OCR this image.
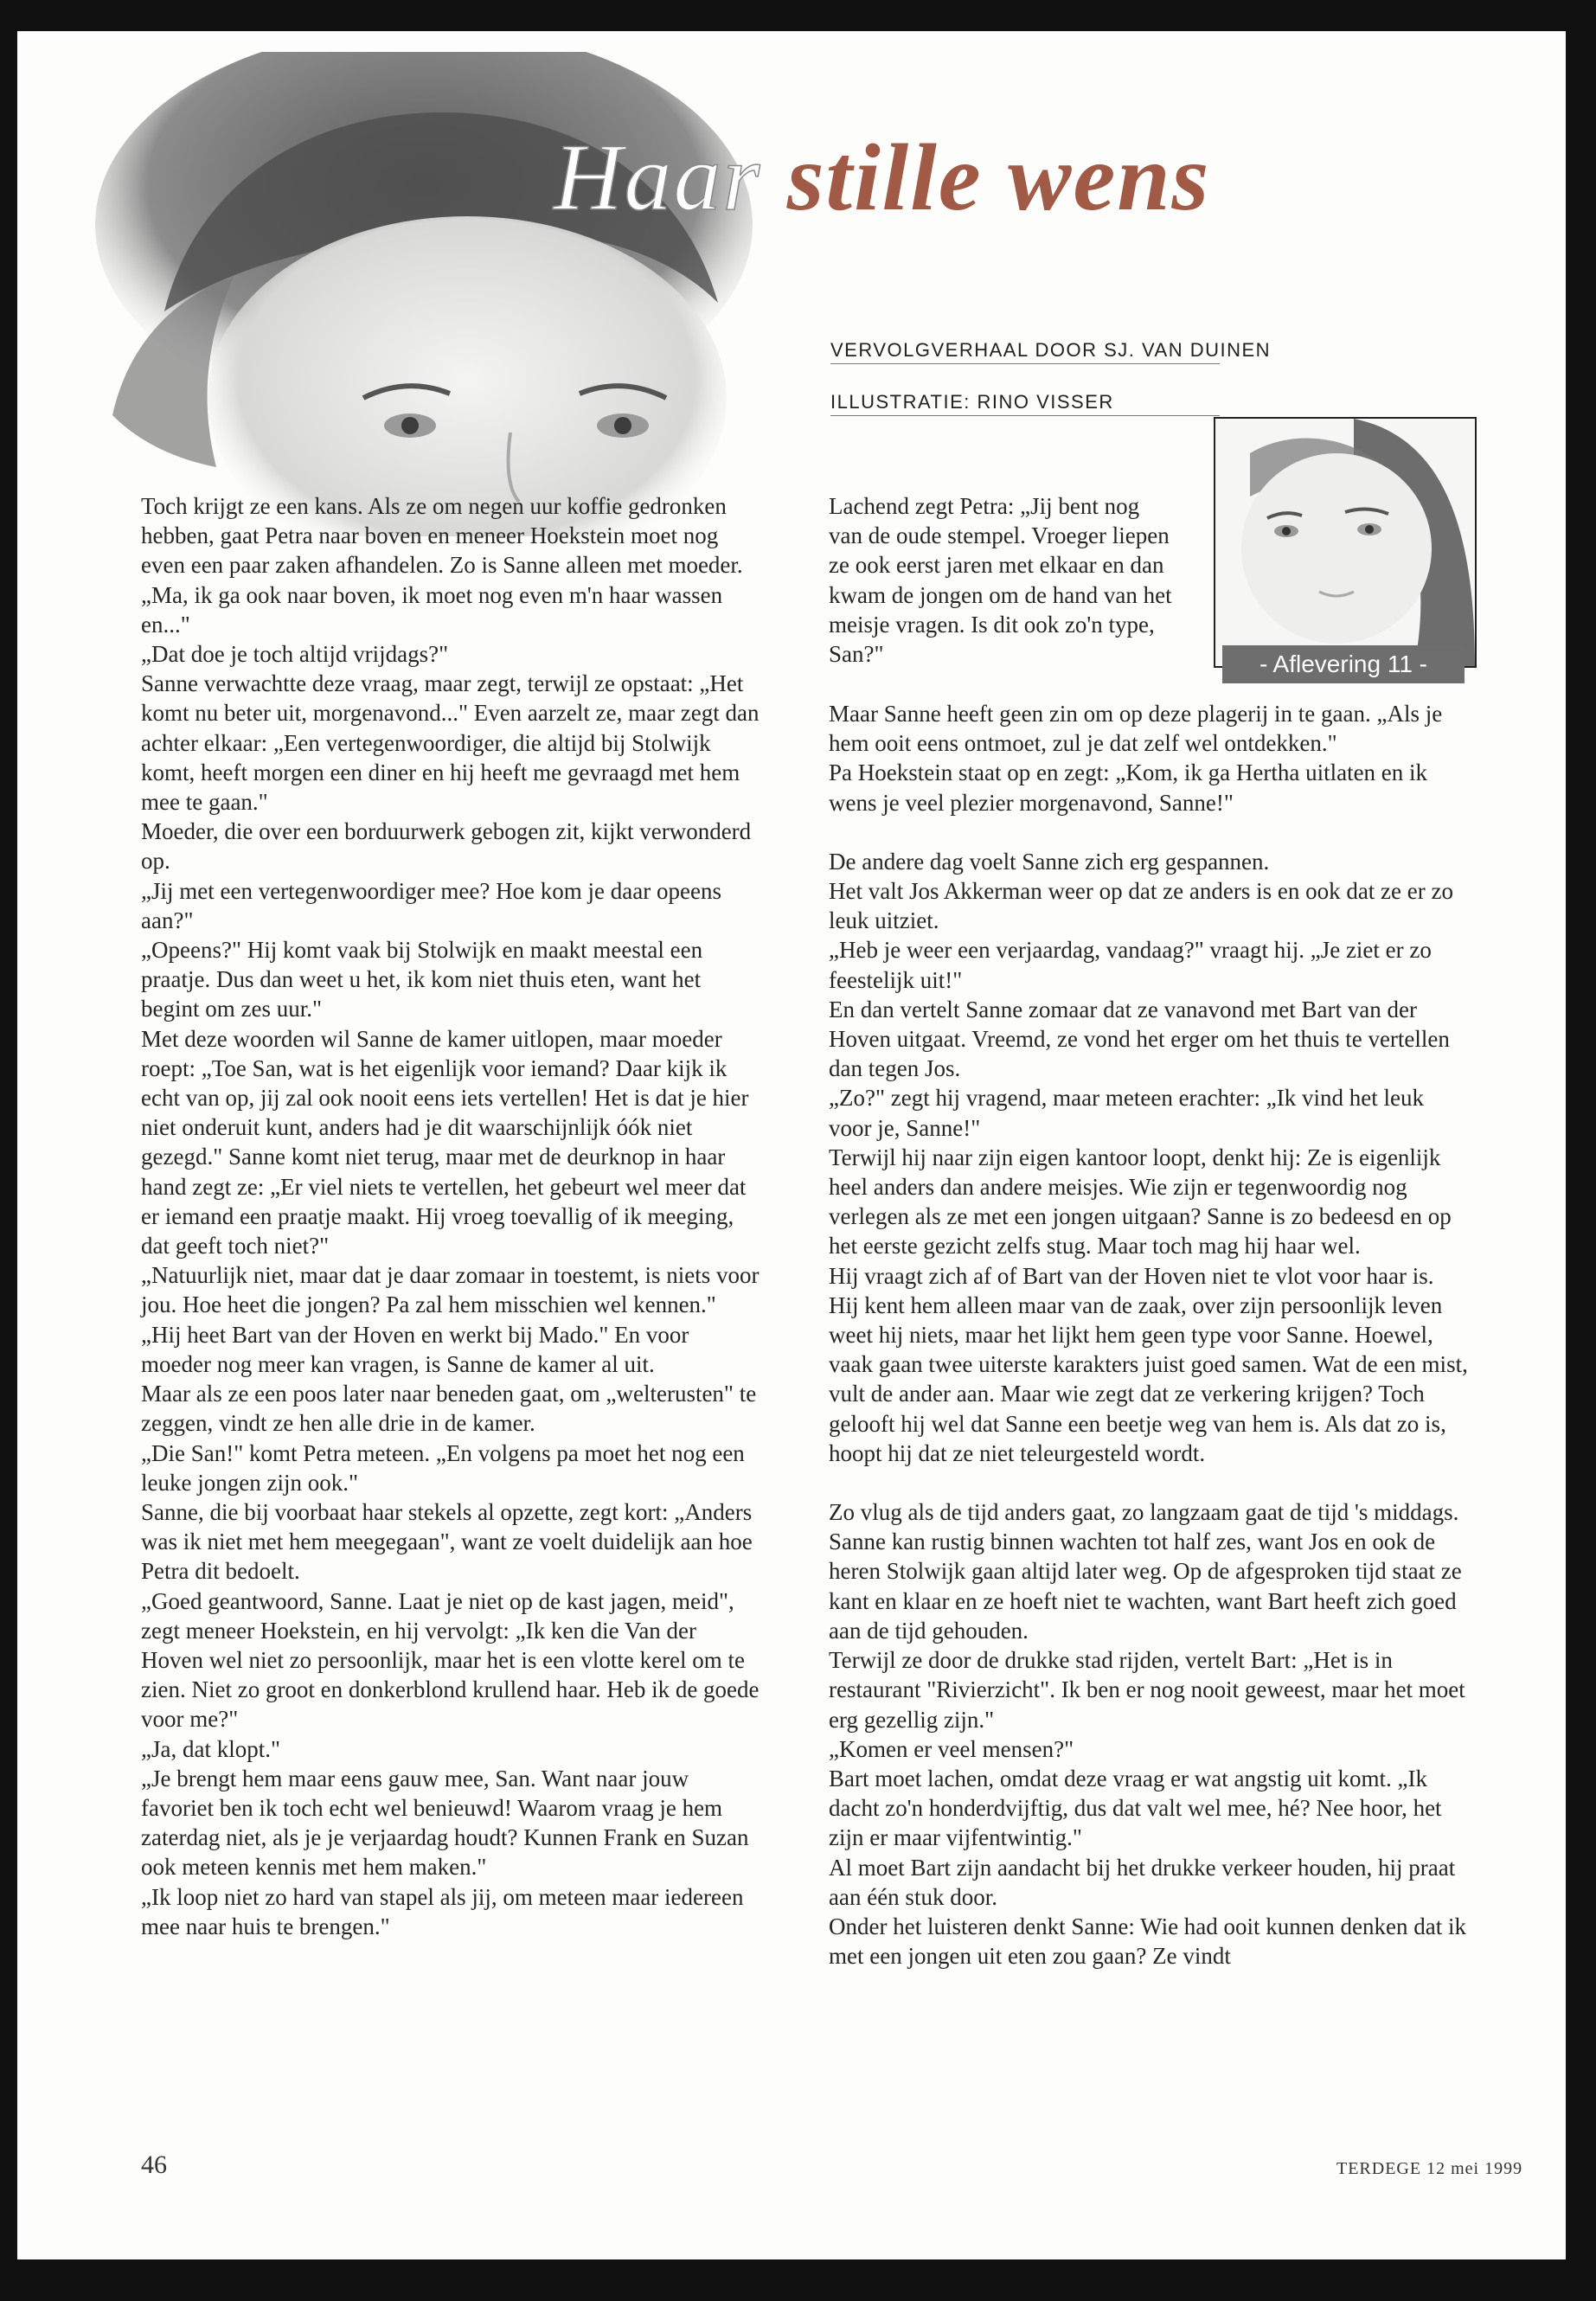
Haar stille wens
VERVOLGVERHAAL DOOR SJ. VAN DUINEN
ILLUSTRATIE: RINO VISSER
- Aflevering 11 -

Toch krijgt ze een kans. Als ze om negen uur koffie gedronken hebben, gaat Petra naar boven en meneer Hoekstein moet nog even een paar zaken afhandelen. Zo is Sanne alleen met moeder.

„Ma, ik ga ook naar boven, ik moet nog even m'n haar wassen en..."

„Dat doe je toch altijd vrijdags?"

Sanne verwachtte deze vraag, maar zegt, terwijl ze opstaat: „Het komt nu beter uit, morgenavond..." Even aarzelt ze, maar zegt dan achter elkaar: „Een vertegenwoordiger, die altijd bij Stolwijk komt, heeft morgen een diner en hij heeft me gevraagd met hem mee te gaan."

Moeder, die over een borduurwerk gebogen zit, kijkt verwonderd op.

„Jij met een vertegenwoordiger mee? Hoe kom je daar opeens aan?"

„Opeens?" Hij komt vaak bij Stolwijk en maakt meestal een praatje. Dus dan weet u het, ik kom niet thuis eten, want het begint om zes uur."

Met deze woorden wil Sanne de kamer uitlopen, maar moeder roept: „Toe San, wat is het eigenlijk voor iemand? Daar kijk ik echt van op, jij zal ook nooit eens iets vertellen! Het is dat je hier niet onderuit kunt, anders had je dit waarschijnlijk óók niet gezegd." Sanne komt niet terug, maar met de deurknop in haar hand zegt ze: „Er viel niets te vertellen, het gebeurt wel meer dat er iemand een praatje maakt. Hij vroeg toevallig of ik meeging, dat geeft toch niet?"

„Natuurlijk niet, maar dat je daar zomaar in toestemt, is niets voor jou. Hoe heet die jongen? Pa zal hem misschien wel kennen."

„Hij heet Bart van der Hoven en werkt bij Mado." En voor moeder nog meer kan vragen, is Sanne de kamer al uit.

Maar als ze een poos later naar beneden gaat, om „welterusten" te zeggen, vindt ze hen alle drie in de kamer.

„Die San!" komt Petra meteen. „En volgens pa moet het nog een leuke jongen zijn ook."

Sanne, die bij voorbaat haar stekels al opzette, zegt kort: „Anders was ik niet met hem meegegaan", want ze voelt duidelijk aan hoe Petra dit bedoelt.

„Goed geantwoord, Sanne. Laat je niet op de kast jagen, meid", zegt meneer Hoekstein, en hij vervolgt: „Ik ken die Van der Hoven wel niet zo persoonlijk, maar het is een vlotte kerel om te zien. Niet zo groot en donkerblond krullend haar. Heb ik de goede voor me?"

„Ja, dat klopt."

„Je brengt hem maar eens gauw mee, San. Want naar jouw favoriet ben ik toch echt wel benieuwd! Waarom vraag je hem zaterdag niet, als je je verjaardag houdt? Kunnen Frank en Suzan ook meteen kennis met hem maken."

„Ik loop niet zo hard van stapel als jij, om meteen maar iedereen mee naar huis te brengen."

Lachend zegt Petra: „Jij bent nog van de oude stempel. Vroeger liepen ze ook eerst jaren met elkaar en dan kwam de jongen om de hand van het meisje vragen. Is dit ook zo'n type, San?"

Maar Sanne heeft geen zin om op deze plagerij in te gaan. „Als je hem ooit eens ontmoet, zul je dat zelf wel ontdekken."

Pa Hoekstein staat op en zegt: „Kom, ik ga Hertha uitlaten en ik wens je veel plezier morgenavond, Sanne!"

De andere dag voelt Sanne zich erg gespannen.

Het valt Jos Akkerman weer op dat ze anders is en ook dat ze er zo leuk uitziet.

„Heb je weer een verjaardag, vandaag?" vraagt hij. „Je ziet er zo feestelijk uit!"

En dan vertelt Sanne zomaar dat ze vanavond met Bart van der Hoven uitgaat. Vreemd, ze vond het erger om het thuis te vertellen dan tegen Jos.

„Zo?" zegt hij vragend, maar meteen erachter: „Ik vind het leuk voor je, Sanne!"

Terwijl hij naar zijn eigen kantoor loopt, denkt hij: Ze is eigenlijk heel anders dan andere meisjes. Wie zijn er tegenwoordig nog verlegen als ze met een jongen uitgaan? Sanne is zo bedeesd en op het eerste gezicht zelfs stug. Maar toch mag hij haar wel.

Hij vraagt zich af of Bart van der Hoven niet te vlot voor haar is. Hij kent hem alleen maar van de zaak, over zijn persoonlijk leven weet hij niets, maar het lijkt hem geen type voor Sanne. Hoewel, vaak gaan twee uiterste karakters juist goed samen. Wat de een mist, vult de ander aan. Maar wie zegt dat ze verkering krijgen? Toch gelooft hij wel dat Sanne een beetje weg van hem is. Als dat zo is, hoopt hij dat ze niet teleurgesteld wordt.

Zo vlug als de tijd anders gaat, zo langzaam gaat de tijd 's middags. Sanne kan rustig binnen wachten tot half zes, want Jos en ook de heren Stolwijk gaan altijd later weg. Op de afgesproken tijd staat ze kant en klaar en ze hoeft niet te wachten, want Bart heeft zich goed aan de tijd gehouden.

Terwijl ze door de drukke stad rijden, vertelt Bart: „Het is in restaurant "Rivierzicht". Ik ben er nog nooit geweest, maar het moet erg gezellig zijn."

„Komen er veel mensen?"

Bart moet lachen, omdat deze vraag er wat angstig uit komt. „Ik dacht zo'n honderdvijftig, dus dat valt wel mee, hé? Nee hoor, het zijn er maar vijfentwintig."

Al moet Bart zijn aandacht bij het drukke verkeer houden, hij praat aan één stuk door.

Onder het luisteren denkt Sanne: Wie had ooit kunnen denken dat ik met een jongen uit eten zou gaan? Ze vindt

46	TERDEGE 12 mei 1999
